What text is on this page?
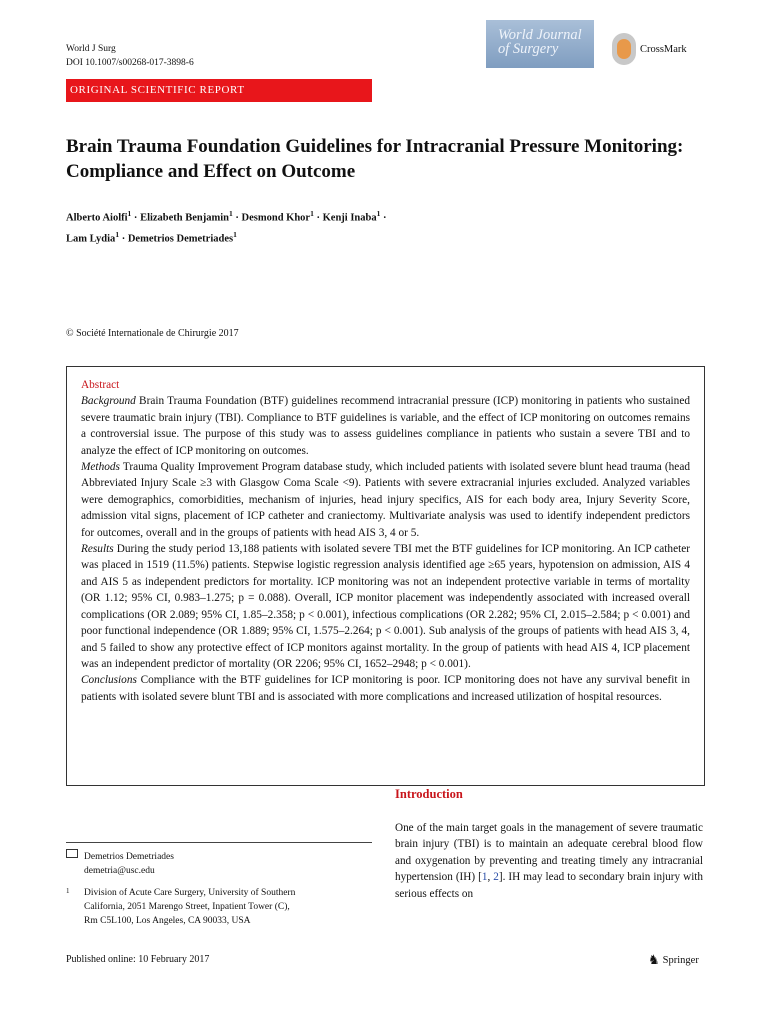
World J Surg
DOI 10.1007/s00268-017-3898-6
World Journal
of Surgery	CrossMark
ORIGINAL SCIENTIFIC REPORT
Brain Trauma Foundation Guidelines for Intracranial Pressure Monitoring: Compliance and Effect on Outcome
Alberto Aiolfi$^1$ · Elizabeth Benjamin$^1$ · Desmond Khor$^1$ · Kenji Inaba$^1$ ·
Lam Lydia$^1$ · Demetrios Demetriades$^1$
© Société Internationale de Chirurgie 2017
Abstract

Background Brain Trauma Foundation (BTF) guidelines recommend intracranial pressure (ICP) monitoring in patients who sustained severe traumatic brain injury (TBI). Compliance to BTF guidelines is variable, and the effect of ICP monitoring on outcomes remains a controversial issue. The purpose of this study was to assess guidelines compliance in patients who sustain a severe TBI and to analyze the effect of ICP monitoring on outcomes.

Methods Trauma Quality Improvement Program database study, which included patients with isolated severe blunt head trauma (head Abbreviated Injury Scale ≥3 with Glasgow Coma Scale <9). Patients with severe extracranial injuries excluded. Analyzed variables were demographics, comorbidities, mechanism of injuries, head injury specifics, AIS for each body area, Injury Severity Score, admission vital signs, placement of ICP catheter and craniectomy. Multivariate analysis was used to identify independent predictors for outcomes, overall and in the groups of patients with head AIS 3, 4 or 5.

Results During the study period 13,188 patients with isolated severe TBI met the BTF guidelines for ICP monitoring. An ICP catheter was placed in 1519 (11.5%) patients. Stepwise logistic regression analysis identified age ≥65 years, hypotension on admission, AIS 4 and AIS 5 as independent predictors for mortality. ICP monitoring was not an independent protective variable in terms of mortality (OR 1.12; 95% CI, 0.983–1.275; p = 0.088). Overall, ICP monitor placement was independently associated with increased overall complications (OR 2.089; 95% CI, 1.85–2.358; p < 0.001), infectious complications (OR 2.282; 95% CI, 2.015–2.584; p < 0.001) and poor functional independence (OR 1.889; 95% CI, 1.575–2.264; p < 0.001). Sub analysis of the groups of patients with head AIS 3, 4, and 5 failed to show any protective effect of ICP monitors against mortality. In the group of patients with head AIS 4, ICP placement was an independent predictor of mortality (OR 2206; 95% CI, 1652–2948; p < 0.001).

Conclusions Compliance with the BTF guidelines for ICP monitoring is poor. ICP monitoring does not have any survival benefit in patients with isolated severe blunt TBI and is associated with more complications and increased utilization of hospital resources.

Introduction

One of the main target goals in the management of severe traumatic brain injury (TBI) is to maintain an adequate cerebral blood flow and oxygenation by preventing and treating timely any intracranial hypertension (IH) [1, 2]. IH may lead to secondary brain injury with serious effects on

Demetrios Demetriades
demetria@usc.edu
1	Division of Acute Care Surgery, University of Southern
California, 2051 Marengo Street, Inpatient Tower (C),
Rm C5L100, Los Angeles, CA 90033, USA
Published online: 10 February 2017	♞ Springer
